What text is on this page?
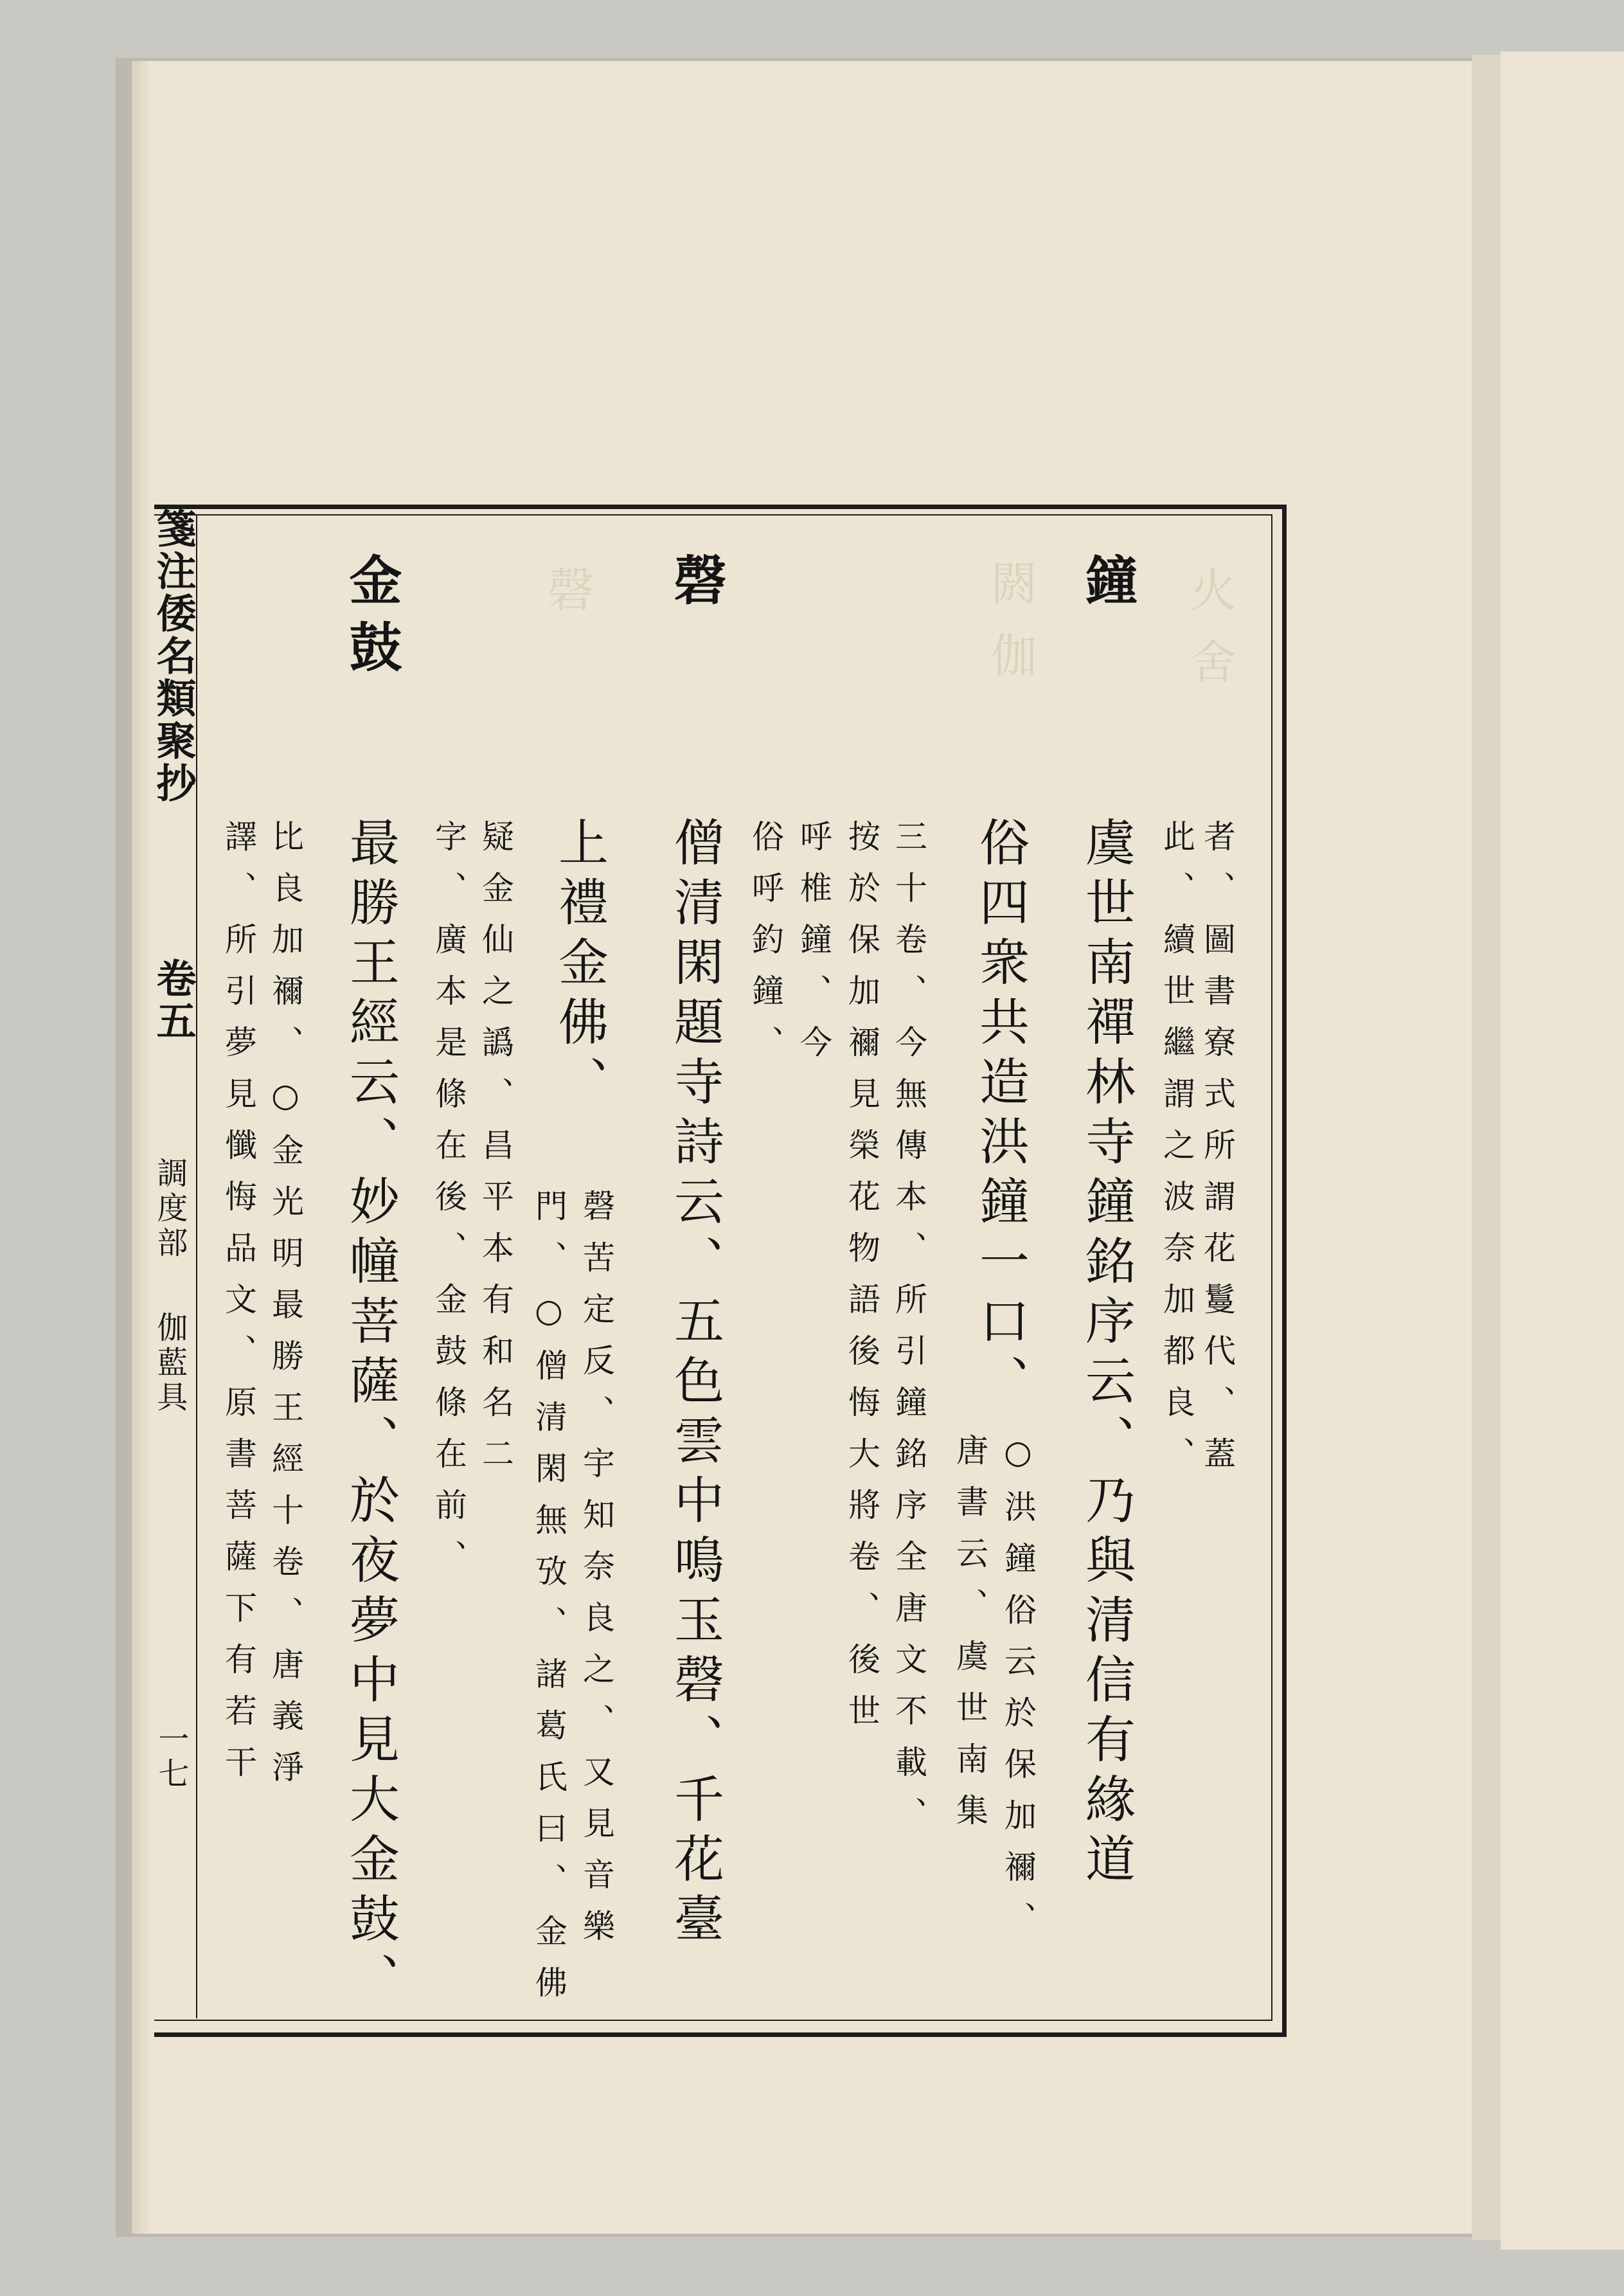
火舍
閼伽
磬
箋注倭名類聚抄
卷五
調度部
伽藍具
一七
者、圖書寮式所謂花鬘代、蓋
此、續世繼謂之波奈加都良、
鐘
虞世南禪林寺鐘銘序云、乃與清信有緣道
俗四衆共造洪鐘一口、
○洪鐘俗云於保加禰、
唐書云、虞世南集
三十卷、今無傳本、所引鐘銘序全唐文不載、
按於保加禰見榮花物語後悔大將卷、後世
呼椎鐘、今
俗呼釣鐘、
磬
僧清閑題寺詩云、五色雲中鳴玉磬、千花臺
上禮金佛、
磬苦定反、宇知奈良之、又見音樂
門、○僧清閑無攷、諸葛氏曰、金佛
疑金仙之譌、昌平本有和名二
字、廣本是條在後、金鼓條在前、
金鼓
最勝王經云、妙幢菩薩、於夜夢中見大金鼓、
比良加禰、○金光明最勝王經十卷、唐義淨
譯、所引夢見懺悔品文、原書菩薩下有若干
